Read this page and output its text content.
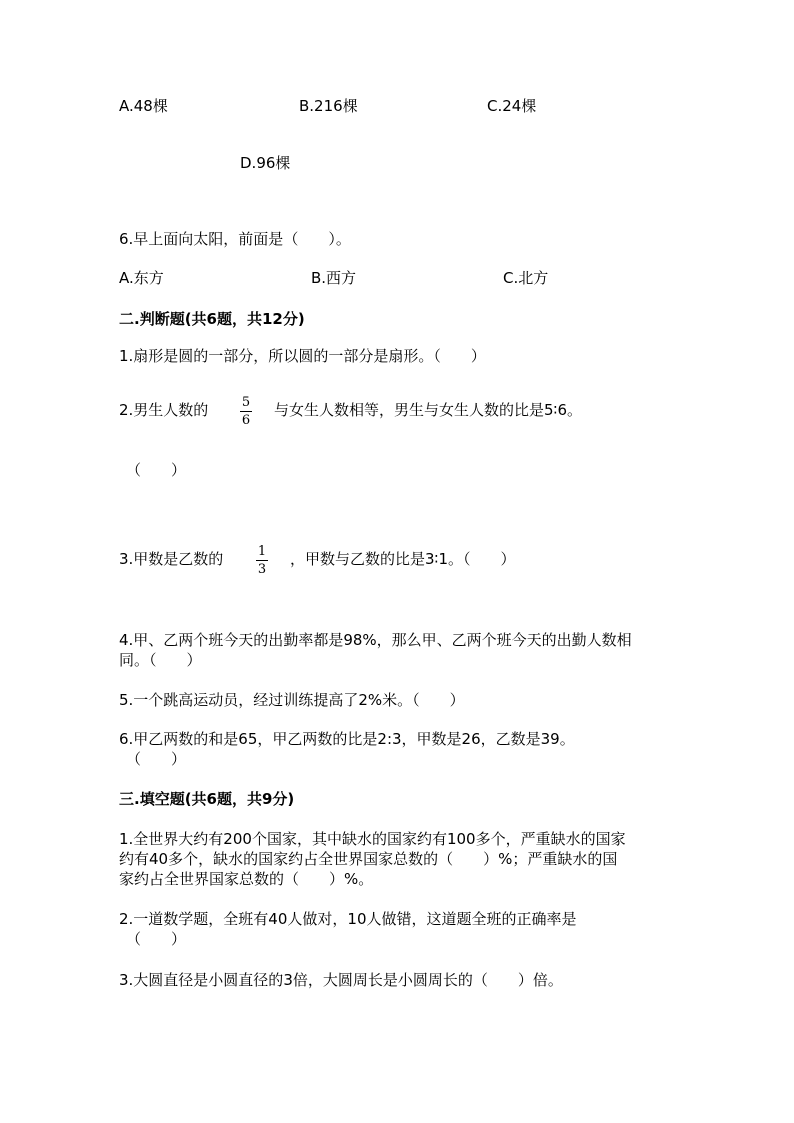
A.48棵	B.216棵	C.24棵
D.96棵
6.早上面向太阳，前面是（　　）。
A.东方	B.西方	C.北方
二.判断题(共6题，共12分)
1.扇形是圆的一部分，所以圆的一部分是扇形。（　　）
2.男生人数的	5
6
与女生人数相等，男生与女生人数的比是5∶6。
（　　）
3.甲数是乙数的	1
3
，甲数与乙数的比是3∶1。（　　）
4.甲、乙两个班今天的出勤率都是98%，那么甲、乙两个班今天的出勤人数相
同。（　　）
5.一个跳高运动员，经过训练提高了2%米。（　　）
6.甲乙两数的和是65，甲乙两数的比是2:3，甲数是26，乙数是39。
（　　）
三.填空题(共6题，共9分)
1.全世界大约有200个国家，其中缺水的国家约有100多个，严重缺水的国家
约有40多个，缺水的国家约占全世界国家总数的（　　）%；严重缺水的国
家约占全世界国家总数的（　　）%。
2.一道数学题，全班有40人做对，10人做错，这道题全班的正确率是
（　　）
3.大圆直径是小圆直径的3倍，大圆周长是小圆周长的（　　）倍。
